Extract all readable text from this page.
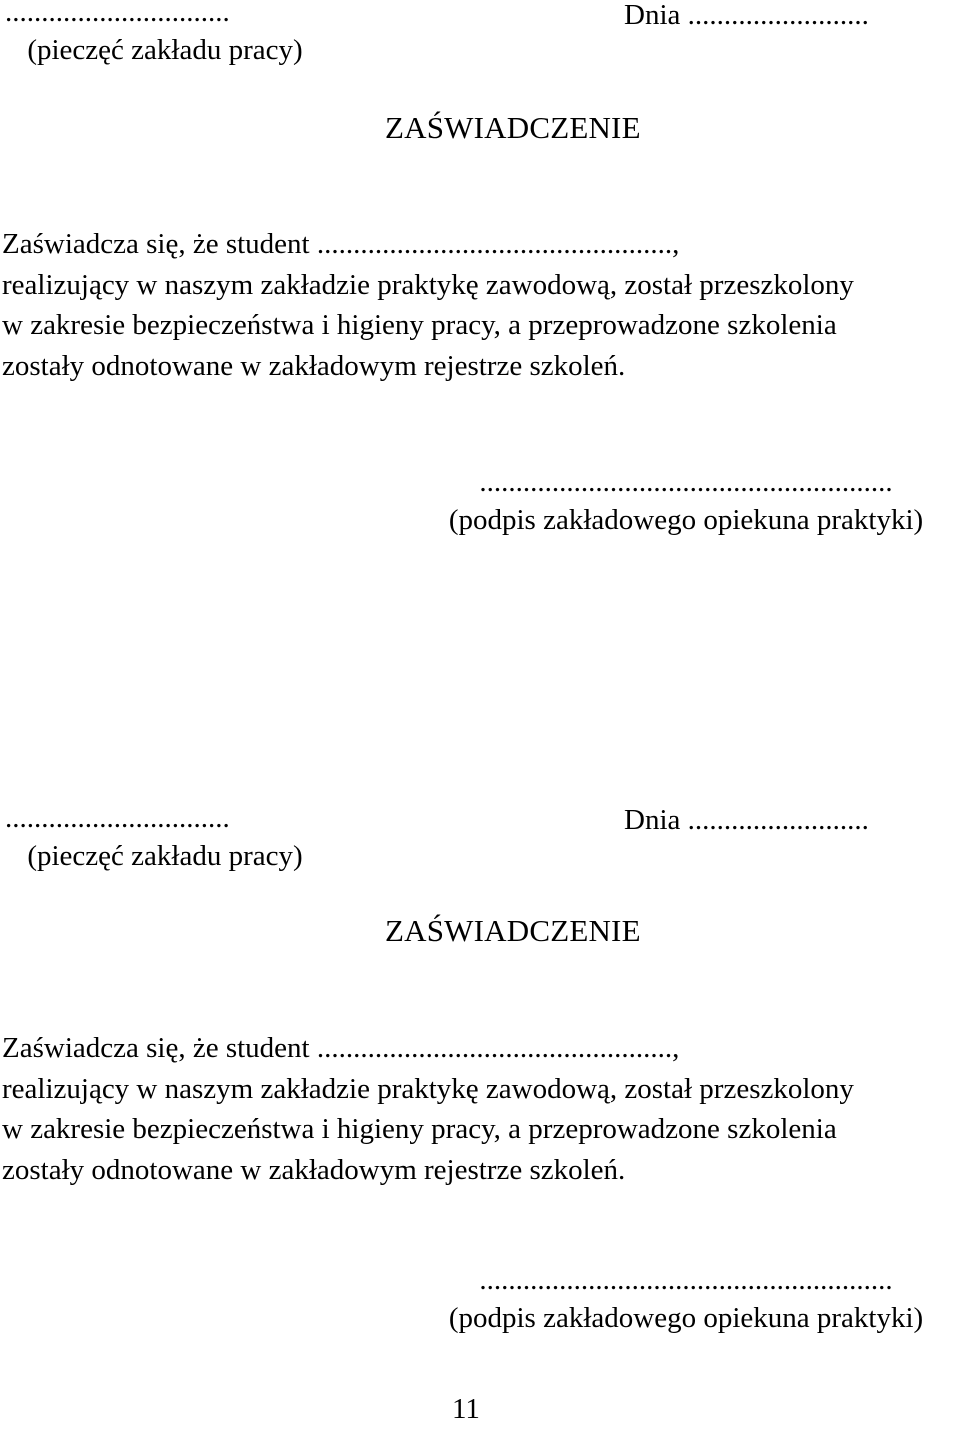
...............................
(pieczęć zakładu pracy)
Dnia .........................
ZAŚWIADCZENIE
Zaświadcza się, że student .................................................,
realizujący w naszym zakładzie praktykę zawodową, został przeszkolony
w zakresie bezpieczeństwa i higieny pracy, a przeprowadzone szkolenia
zostały odnotowane w zakładowym rejestrze szkoleń.
.........................................................
(podpis zakładowego opiekuna praktyki)
...............................
(pieczęć zakładu pracy)
Dnia .........................
ZAŚWIADCZENIE
Zaświadcza się, że student .................................................,
realizujący w naszym zakładzie praktykę zawodową, został przeszkolony
w zakresie bezpieczeństwa i higieny pracy, a przeprowadzone szkolenia
zostały odnotowane w zakładowym rejestrze szkoleń.
.........................................................
(podpis zakładowego opiekuna praktyki)
11
